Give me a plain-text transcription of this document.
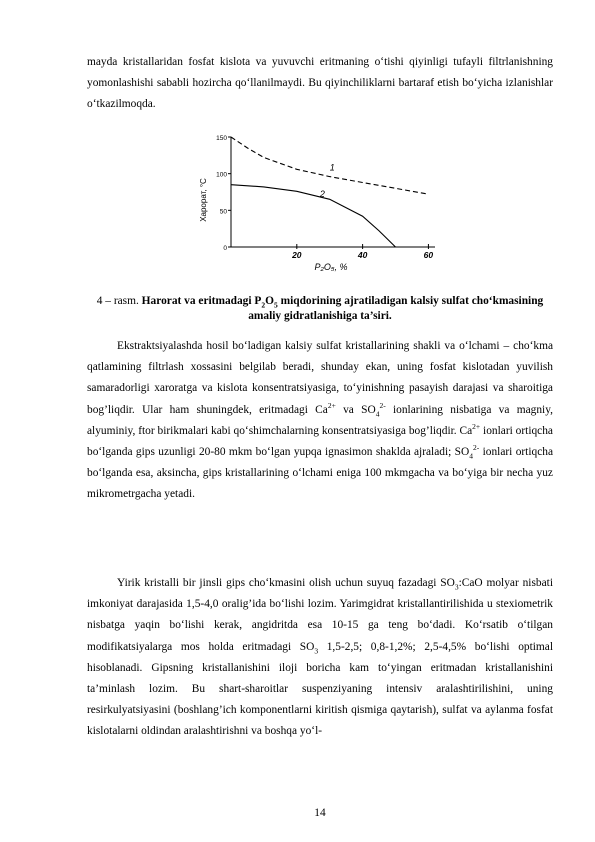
mayda kristallaridan fosfat kislota va yuvuvchi eritmaning o‘tishi qiyinligi tufayli filtrlanishning yomonlashishi sababli hozircha qo‘llanilmaydi. Bu qiyinchiliklarni bartaraf etish bo‘yicha izlanishlar o‘tkazilmoqda.

0
50
100
150
20	40	60
1
2
Харорат, °C
P₂O₅, %
4 – rasm. Harorat va eritmadagi $P_2O_5$ miqdorining ajratiladigan kalsiy sulfat cho‘kmasining amaliy gidratlanishiga ta’siri.

Ekstraktsiyalashda hosil bo‘ladigan kalsiy sulfat kristallarining shakli va o‘lchami – cho‘kma qatlamining filtrlash xossasini belgilab beradi, shunday ekan, uning fosfat kislotadan yuvilish samaradorligi xaroratga va kislota konsentratsiyasiga, to‘yinishning pasayish darajasi va sharoitiga bog’liqdir. Ular ham shuningdek, eritmadagi $Ca^{2+}$ va $SO_4^{2-}$ ionlarining nisbatiga va magniy, alyuminiy, ftor birikmalari kabi qo‘shimchalarning konsentratsiyasiga bog’liqdir. $Ca^{2+}$ ionlari ortiqcha bo‘lganda gips uzunligi 20-80 mkm bo‘lgan yupqa ignasimon shaklda ajraladi; $SO_4^{2-}$ ionlari ortiqcha bo‘lganda esa, aksincha, gips kristallarining o‘lchami eniga 100 mkmgacha va bo‘yiga bir necha yuz mikrometrgacha yetadi.

Yirik kristalli bir jinsli gips cho‘kmasini olish uchun suyuq fazadagi $SO_3:CaO$ molyar nisbati imkoniyat darajasida 1,5-4,0 oralig’ida bo‘lishi lozim. Yarimgidrat kristallantirilishida u stexiometrik nisbatga yaqin bo‘lishi kerak, angidritda esa 10-15 ga teng bo‘dadi. Ko‘rsatib o‘tilgan modifikatsiyalarga mos holda eritmadagi $SO_3$ 1,5-2,5; 0,8-1,2%; 2,5-4,5% bo‘lishi optimal hisoblanadi. Gipsning kristallanishini iloji boricha kam to‘yingan eritmadan kristallanishini ta’minlash lozim. Bu shart-sharoitlar suspenziyaning intensiv aralashtirilishini, uning resirkulyatsiyasini (boshlang’ich komponentlarni kiritish qismiga qaytarish), sulfat va aylanma fosfat kislotalarni oldindan aralashtirishni va boshqa yo‘l-

14
